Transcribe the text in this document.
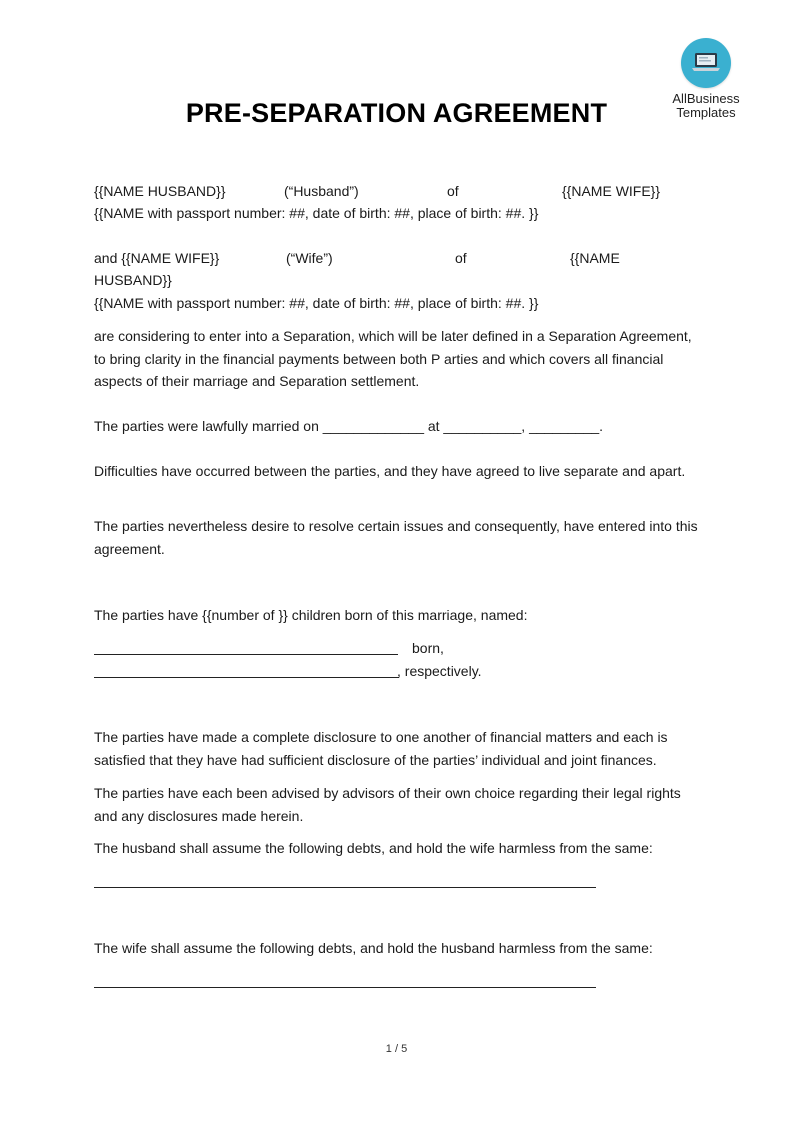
AllBusiness
Templates
PRE-SEPARATION AGREEMENT
{{NAME HUSBAND}}	(“Husband”)	of	{{NAME WIFE}}
{{NAME with passport number: ##, date of birth: ##, place of birth: ##. }}
and {{NAME WIFE}}	(“Wife”)	of	{{NAME
HUSBAND}}
{{NAME with passport number: ##, date of birth: ##, place of birth: ##. }}

are considering to enter into a Separation, which will be later defined in a Separation Agreement, to bring clarity in the financial payments between both P arties and which covers all financial aspects of their marriage and Separation settlement.

The parties were lawfully married on _____________ at __________, _________.

Difficulties have occurred between the parties, and they have agreed to live separate and apart.

The parties nevertheless desire to resolve certain issues and consequently, have entered into this agreement.

The parties have {{number of }} children born of this marriage, named:

born,
, respectively.

The parties have made a complete disclosure to one another of financial matters and each is satisfied that they have had sufficient disclosure of the parties’ individual and joint finances.

The parties have each been advised by advisors of their own choice regarding their legal rights and any disclosures made herein.

The husband shall assume the following debts, and hold the wife harmless from the same:

The wife shall assume the following debts, and hold the husband harmless from the same:

1 / 5
